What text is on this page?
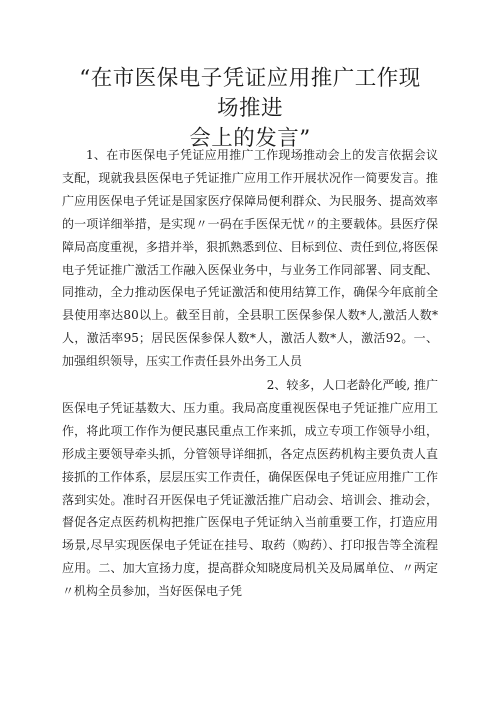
“在市医保电子凭证应用推广工作现场推进
会上的发言”

1、在市医保电子凭证应用推广工作现场推动会上的发言依据会议支配，现就我县医保电子凭证推广应用工作开展状况作一简要发言。推广应用医保电子凭证是国家医疗保障局便利群众、为民服务、提高效率的一项详细举措，是实现〃一码在手医保无忧〃的主要载体。县医疗保障局高度重视，多措并举，狠抓熟悉到位、目标到位、责任到位,将医保电子凭证推广激活工作融入医保业务中，与业务工作同部署、同支配、同推动，全力推动医保电子凭证激活和使用结算工作，确保今年底前全县使用率达80以上。截至目前，全县职工医保参保人数*人,激活人数*人，激活率95；居民医保参保人数*人，激活人数*人，激活92。一、加强组织领导，压实工作责任县外出务工人员

2、较多，人口老龄化严峻, 推广
医保电子凭证基数大、压力重。我局高度重视医保电子凭证推广应用工作，将此项工作作为便民惠民重点工作来抓，成立专项工作领导小组，形成主要领导牵头抓，分管领导详细抓，各定点医药机构主要负责人直接抓的工作体系，层层压实工作责任，确保医保电子凭证应用推广工作落到实处。准时召开医保电子凭证激活推广启动会、培训会、推动会，督促各定点医药机构把推广医保电子凭证纳入当前重要工作，打造应用场景,尽早实现医保电子凭证在挂号、取药（购药）、打印报告等全流程应用。二、加大宣扬力度，提高群众知晓度局机关及局属单位、〃两定〃机构全员参加，当好医保电子凭
